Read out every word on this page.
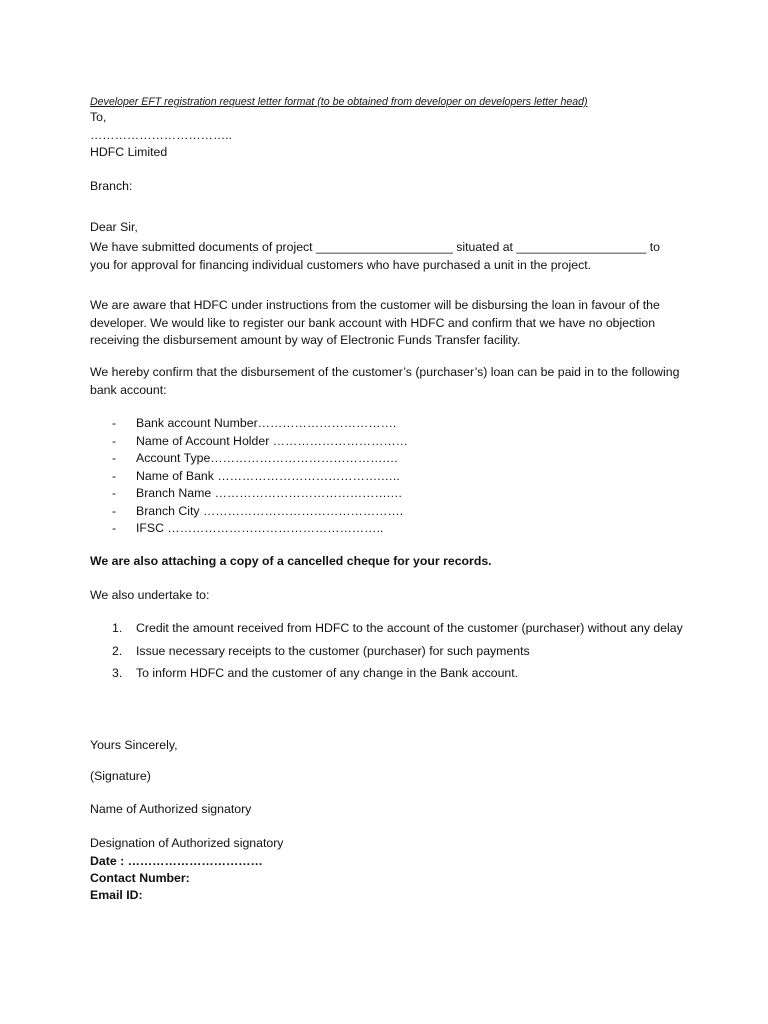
Developer EFT registration request letter format (to be obtained from developer on developers letter head)
To,
……………………………..
HDFC Limited
Branch:
Dear Sir,

We have submitted documents of project ____________________ situated at ___________________ to you for approval for financing individual customers who have purchased a unit in the project.

We are aware that HDFC under instructions from the customer will be disbursing the loan in favour of the developer. We would like to register our bank account with HDFC and confirm that we have no objection receiving the disbursement amount by way of Electronic Funds Transfer facility.

We hereby confirm that the disbursement of the customer’s (purchaser’s) loan can be paid in to the following bank account:

- Bank account Number…………………………….
- Name of Account Holder ……………………………
- Account Type…………………………………….…
- Name of Bank ………………………………….…..
- Branch Name …………………………………….…
- Branch City ………………………………………….
- IFSC ……………………………………………..
We are also attaching a copy of a cancelled cheque for your records.
We also undertake to:
1. Credit the amount received from HDFC to the account of the customer (purchaser) without any delay
2. Issue necessary receipts to the customer (purchaser) for such payments
3. To inform HDFC and the customer of any change in the Bank account.
Yours Sincerely,
(Signature)
Name of Authorized signatory
Designation of Authorized signatory
Date : ……………………………
Contact Number:
Email ID:
